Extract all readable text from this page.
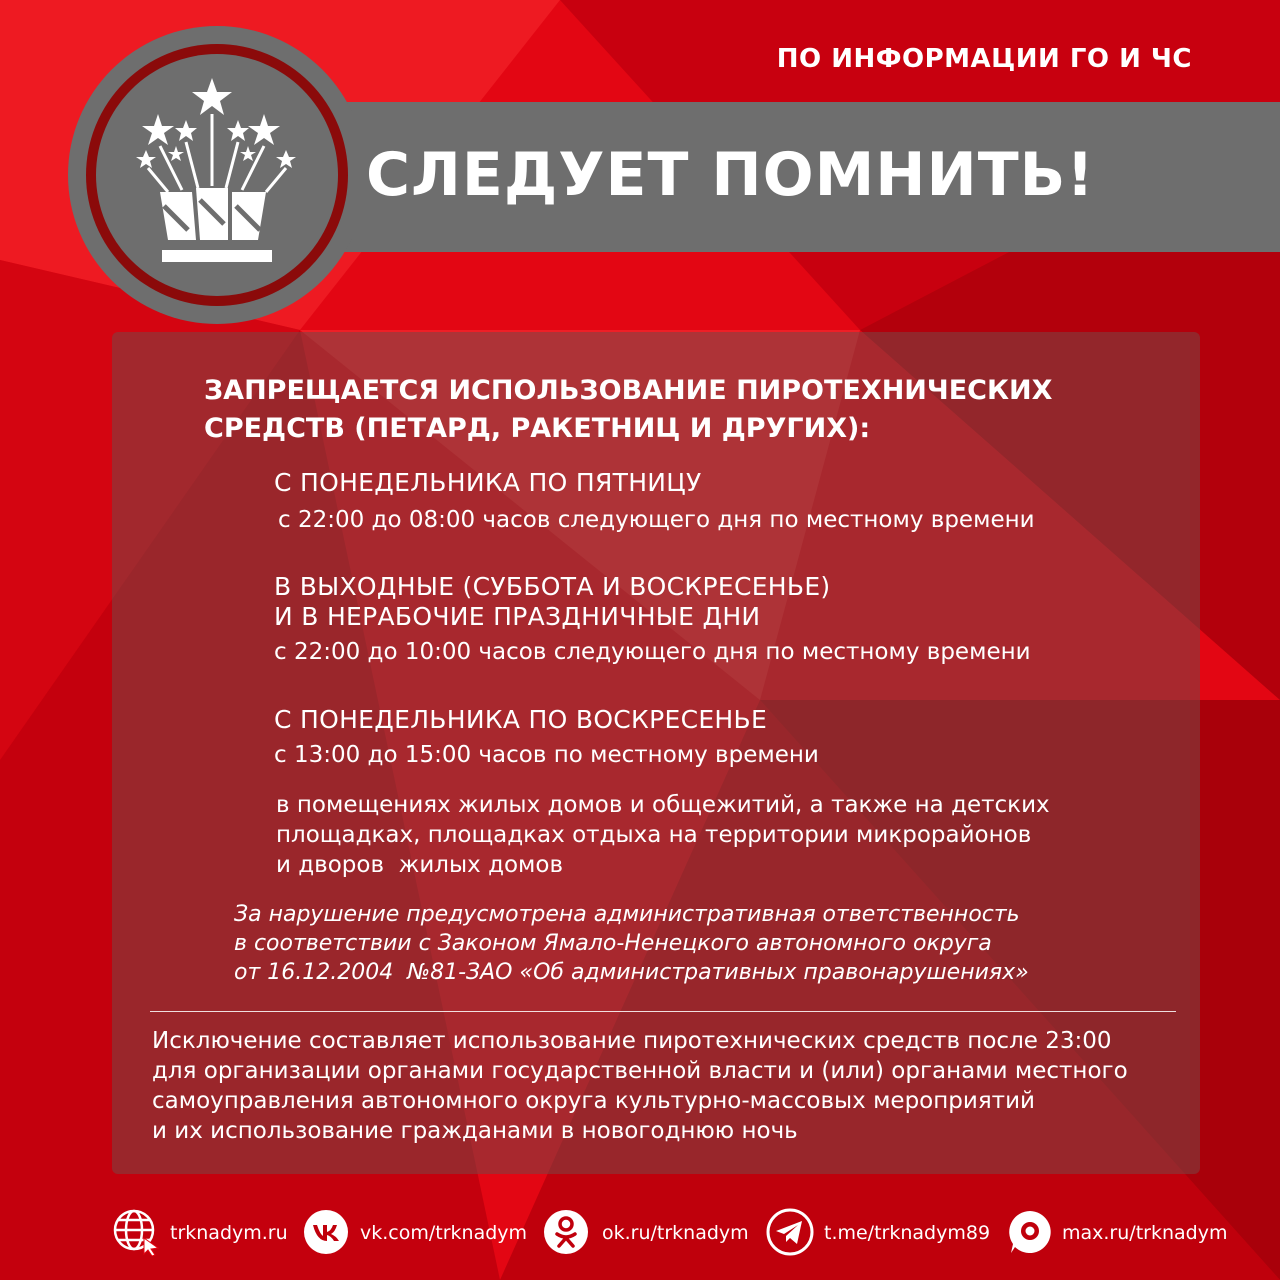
ПО ИНФОРМАЦИИ ГО И ЧС
СЛЕДУЕТ ПОМНИТЬ!
ЗАПРЕЩАЕТСЯ ИСПОЛЬЗОВАНИЕ ПИРОТЕХНИЧЕСКИХ
СРЕДСТВ (ПЕТАРД, РАКЕТНИЦ И ДРУГИХ):
С ПОНЕДЕЛЬНИКА ПО ПЯТНИЦУ
с 22:00 до 08:00 часов следующего дня по местному времени
В ВЫХОДНЫЕ (СУББОТА И ВОСКРЕСЕНЬЕ)
И В НЕРАБОЧИЕ ПРАЗДНИЧНЫЕ ДНИ
с 22:00 до 10:00 часов следующего дня по местному времени
С ПОНЕДЕЛЬНИКА ПО ВОСКРЕСЕНЬЕ
с 13:00 до 15:00 часов по местному времени
в помещениях жилых домов и общежитий, а также на детских
площадках, площадках отдыха на территории микрорайонов
и дворов  жилых домов
За нарушение предусмотрена административная ответственность
в соответствии с Законом Ямало-Ненецкого автономного округа
от 16.12.2004  №81-ЗАО «Об административных правонарушениях»
Исключение составляет использование пиротехнических средств после 23:00
для организации органами государственной власти и (или) органами местного
самоуправления автономного округа культурно-массовых мероприятий
и их использование гражданами в новогоднюю ночь
trknadym.ru	vk.com/trknadym	ok.ru/trknadym	t.me/trknadym89	max.ru/trknadym
